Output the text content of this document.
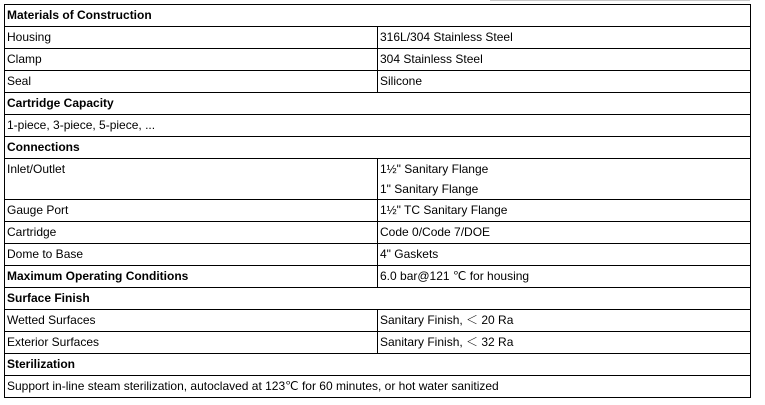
Materials of Construction	
Housing	316L/304 Stainless Steel
Clamp	304 Stainless Steel
Seal	Silicone
Cartridge Capacity	
1-piece, 3-piece, 5-piece, ...	
Connections	
Inlet/Outlet	1½" Sanitary Flange
1" Sanitary Flange

Gauge Port	1½" TC Sanitary Flange
Cartridge	Code 0/Code 7/DOE
Dome to Base	4" Gaskets
Maximum Operating Conditions	6.0 bar@121 ℃ for housing
Surface Finish	
Wetted Surfaces	Sanitary Finish, ＜ 20 Ra
Exterior Surfaces	Sanitary Finish, ＜ 32 Ra
Sterilization	
Support in-line steam sterilization, autoclaved at 123℃ for 60 minutes, or hot water sanitized	
